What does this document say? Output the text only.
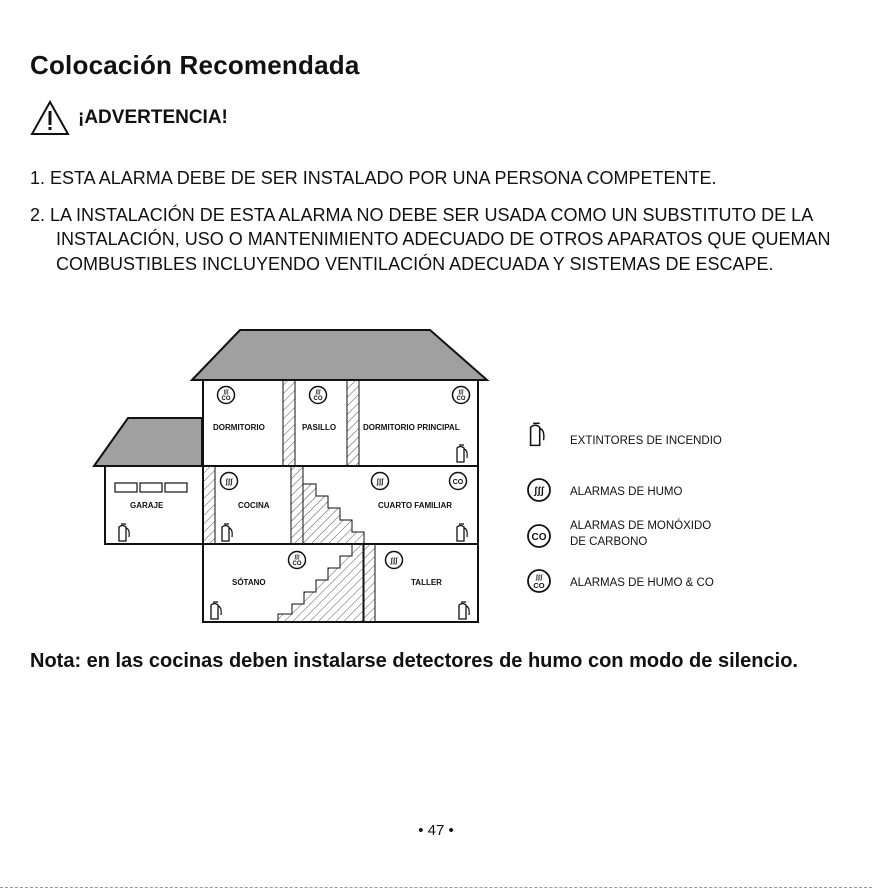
Colocación Recomendada
¡ADVERTENCIA!

1. ESTA ALARMA DEBE DE SER INSTALADO POR UNA PERSONA COMPETENTE.

2. LA INSTALACIÓN DE ESTA ALARMA NO DEBE SER USADA COMO UN SUBSTITUTO DE LA INSTALACIÓN, USO O MANTENIMIENTO ADECUADO DE OTROS APARATOS QUE QUEMAN COMBUSTIBLES INCLUYENDO VENTILACIÓN ADECUADA Y SISTEMAS DE ESCAPE.

DORMITORIO	PASILLO	DORMITORIO PRINCIPAL
GARAJE	COCINA	CUARTO FAMILIAR
SÓTANO	TALLER
ʃʃʃ
CO
ʃʃʃ
CO
ʃʃʃ
CO
ʃʃʃ
CO
ʃʃʃ	ʃʃʃ
ʃʃʃ
CO
EXTINTORES DE INCENDIO
ʃʃʃ ALARMAS DE HUMO
CO
ALARMAS DE MONÓXIDO
DE CARBONO
ʃʃʃ
CO ALARMAS DE HUMO & CO
Nota: en las cocinas deben instalarse detectores de humo con modo de silencio.
• 47 •
